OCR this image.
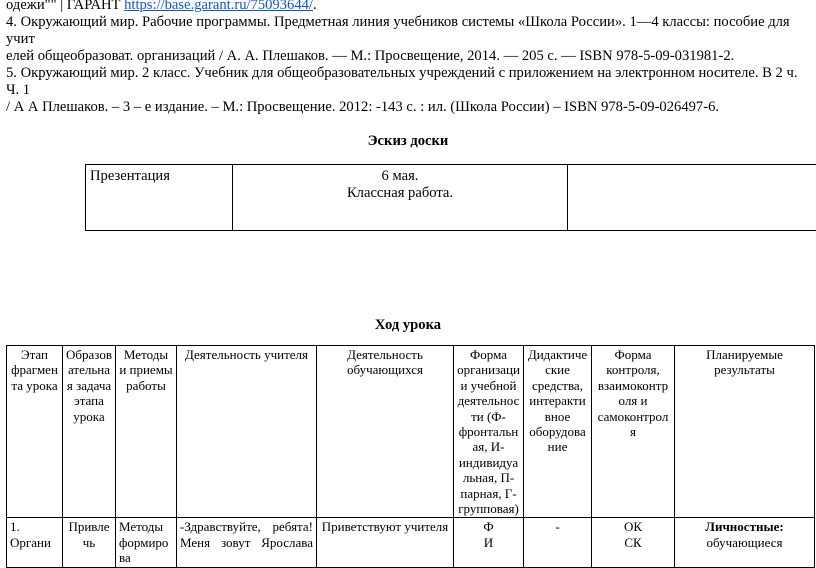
одежи"" | ГАРАНТ https://base.garant.ru/75093644/.

4. Окружающий мир. Рабочие программы. Предметная линия учебников системы «Школа России». 1—4 классы: пособие для учит
елей общеобразоват. организаций / А. А. Плешаков. — М.: Просвещение, 2014. — 205 с. — ISBN 978-5-09-031981-2.

5. Окружающий мир. 2 класс. Учебник для общеобразовательных учреждений с приложением на электронном носителе. В 2 ч. Ч. 1
/ А А Плешаков. – 3 – е издание. – М.: Просвещение. 2012: -143 с. : ил. (Школа России) – ISBN 978-5-09-026497-6.

Эскиз доски
Презентация	6 мая.
Классная работа.	
Ход урока
Этап фрагмента урока	Образовательная задача этапа урока	Методы и приемы работы	Деятельность учителя	Деятельность обучающихся	Форма организации учебной деятельности (Ф-фронтальная, И-индивидуальная, П-парная, Г-групповая)	Дидактические средства, интерактивное оборудование	Форма контроля, взаимоконтроля и самоконтроля	Планируемые результаты
1.
Органи	Привле
чь	Методы
формирова	-Здравствуйте, ребята!
Меня зовут Ярослава	Приветствуют учителя	Ф
И	-	ОК
СК	Личностные:
обучающиеся
